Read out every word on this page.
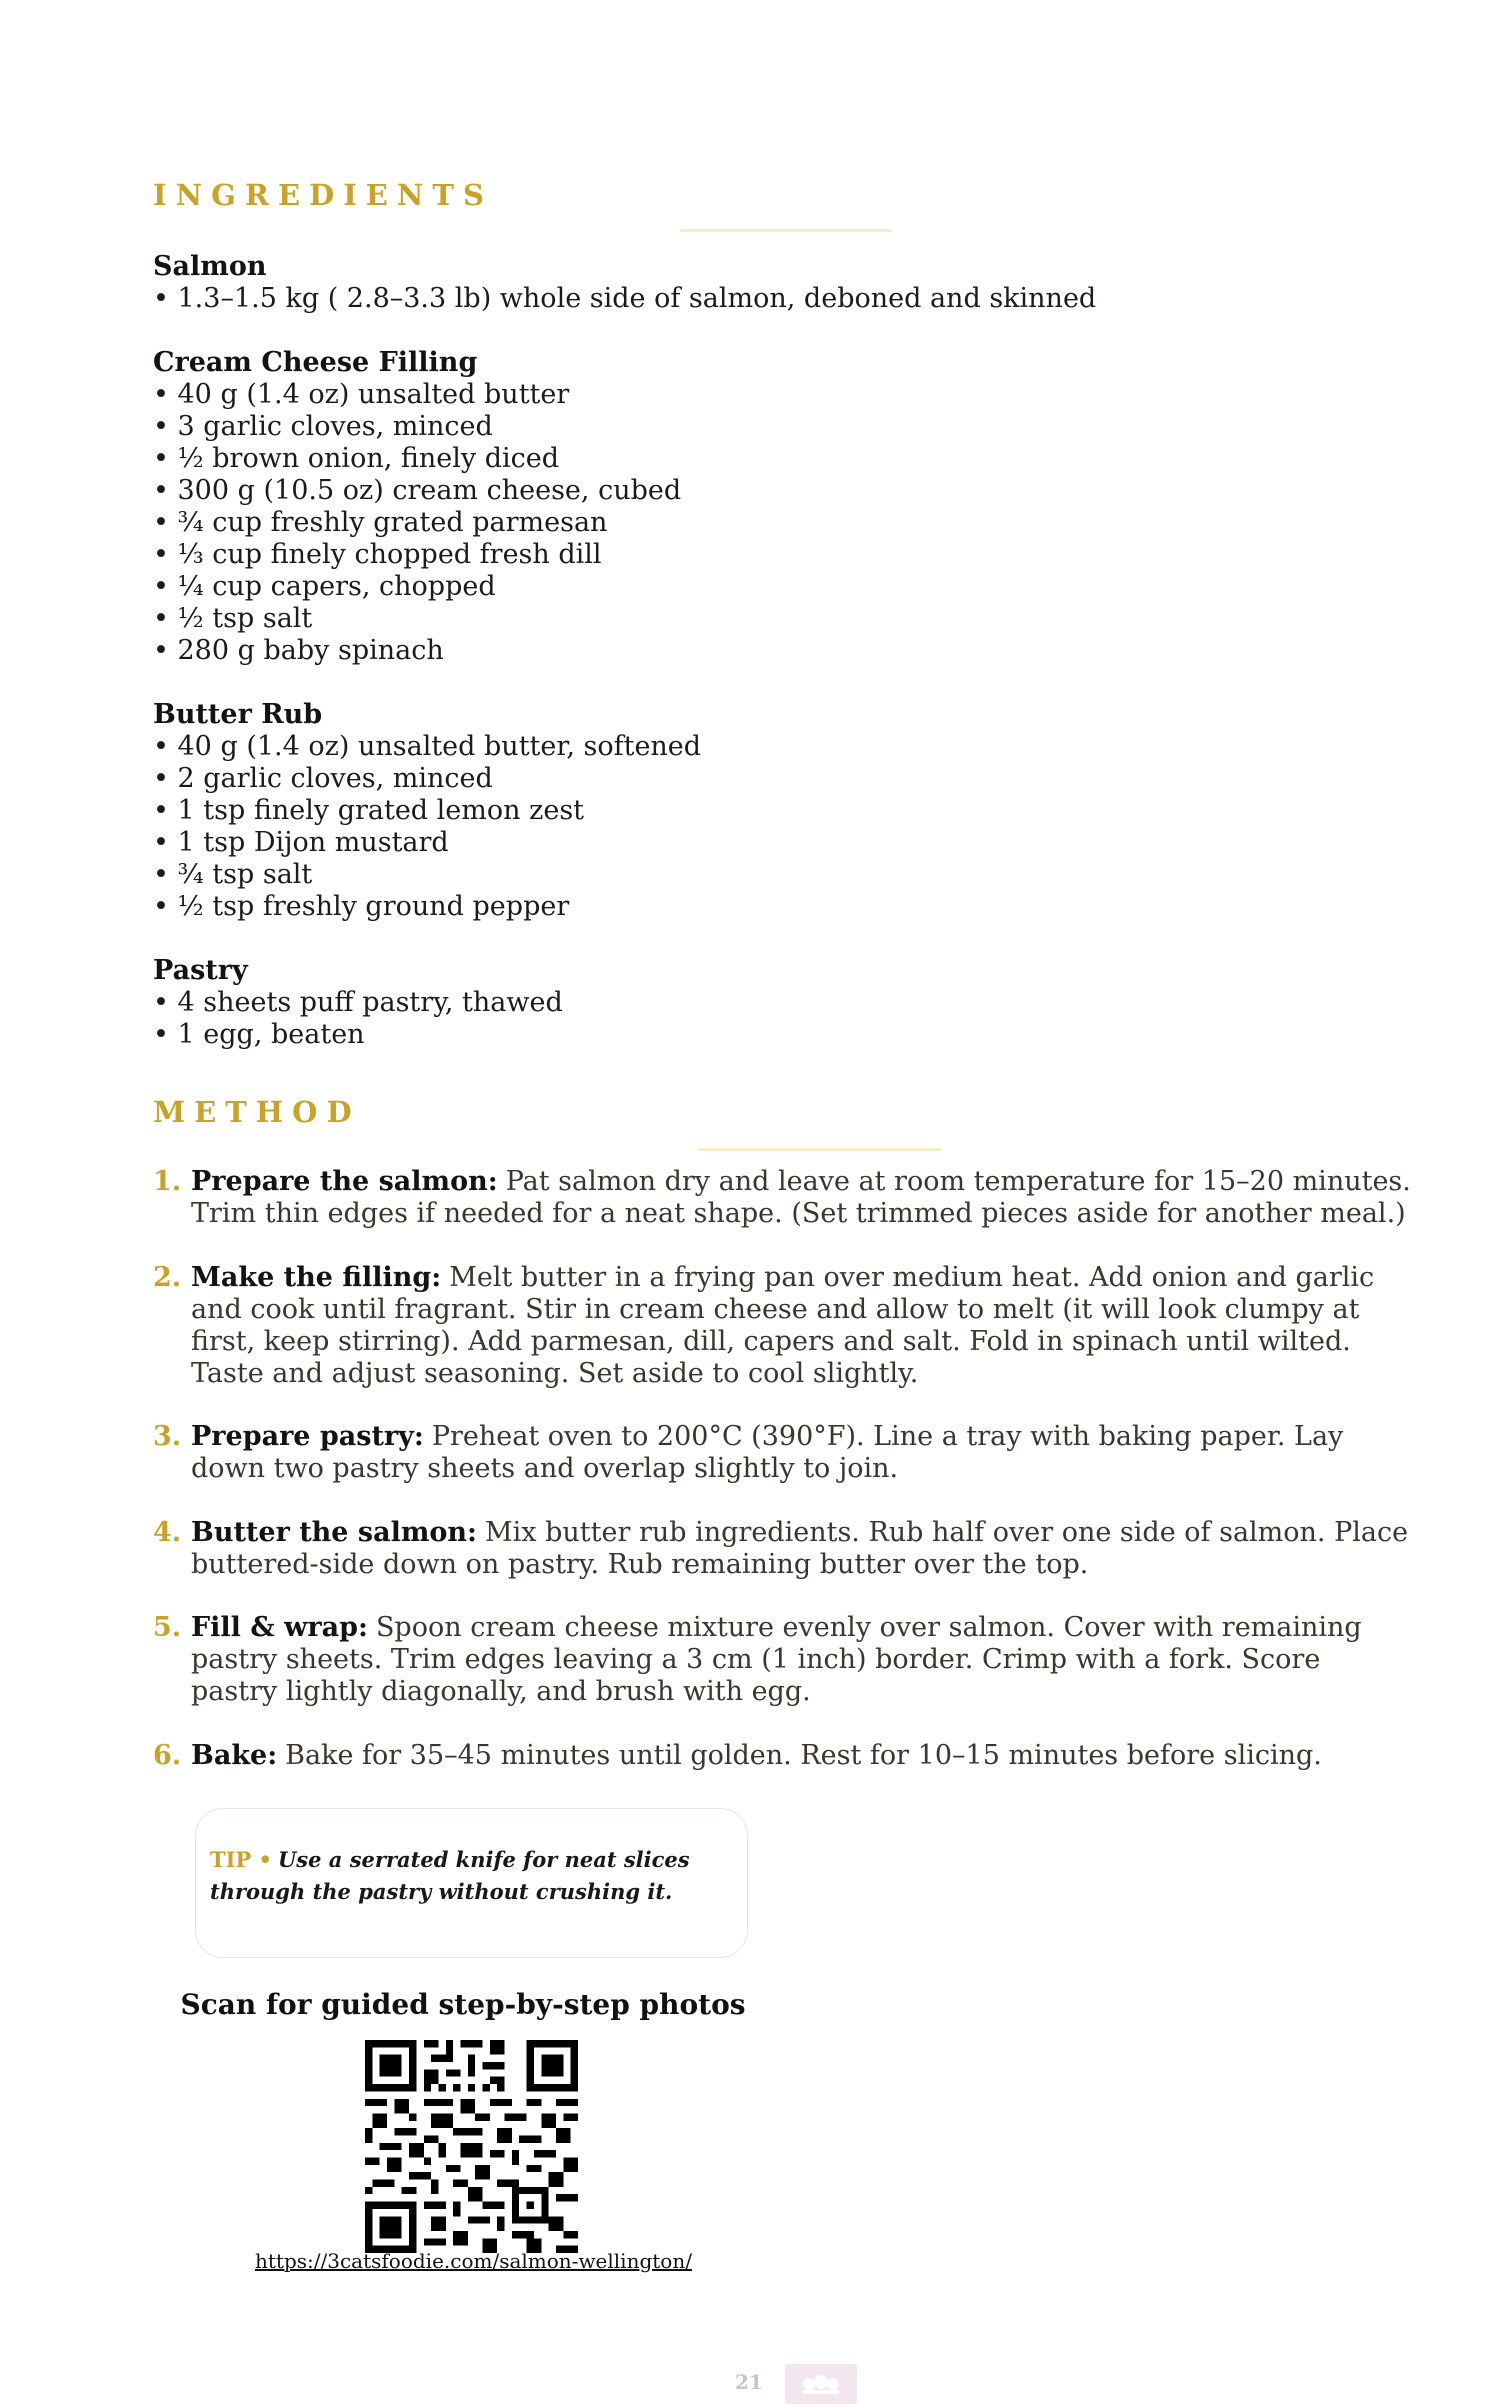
INGREDIENTS
Salmon
• 1.3–1.5 kg ( 2.8–3.3 lb) whole side of salmon, deboned and skinned
Cream Cheese Filling
• 40 g (1.4 oz) unsalted butter
• 3 garlic cloves, minced
• ½ brown onion, finely diced
• 300 g (10.5 oz) cream cheese, cubed
• ¾ cup freshly grated parmesan
• ⅓ cup finely chopped fresh dill
• ¼ cup capers, chopped
• ½ tsp salt
• 280 g baby spinach
Butter Rub
• 40 g (1.4 oz) unsalted butter, softened
• 2 garlic cloves, minced
• 1 tsp finely grated lemon zest
• 1 tsp Dijon mustard
• ¾ tsp salt
• ½ tsp freshly ground pepper
Pastry
• 4 sheets puff pastry, thawed
• 1 egg, beaten
METHOD
1. Prepare the salmon: Pat salmon dry and leave at room temperature for 15–20 minutes. Trim thin edges if needed for a neat shape. (Set trimmed pieces aside for another meal.)
2. Make the filling: Melt butter in a frying pan over medium heat. Add onion and garlic and cook until fragrant. Stir in cream cheese and allow to melt (it will look clumpy at first, keep stirring). Add parmesan, dill, capers and salt. Fold in spinach until wilted. Taste and adjust seasoning. Set aside to cool slightly.
3. Prepare pastry: Preheat oven to 200°C (390°F). Line a tray with baking paper. Lay down two pastry sheets and overlap slightly to join.
4. Butter the salmon: Mix butter rub ingredients. Rub half over one side of salmon. Place buttered-side down on pastry. Rub remaining butter over the top.
5. Fill & wrap: Spoon cream cheese mixture evenly over salmon. Cover with remaining pastry sheets. Trim edges leaving a 3 cm (1 inch) border. Crimp with a fork. Score pastry lightly diagonally, and brush with egg.
6. Bake: Bake for 35–45 minutes until golden. Rest for 10–15 minutes before slicing.
TIP • Use a serrated knife for neat slices through the pastry without crushing it.
Scan for guided step-by-step photos
https://3catsfoodie.com/salmon-wellington/
21
